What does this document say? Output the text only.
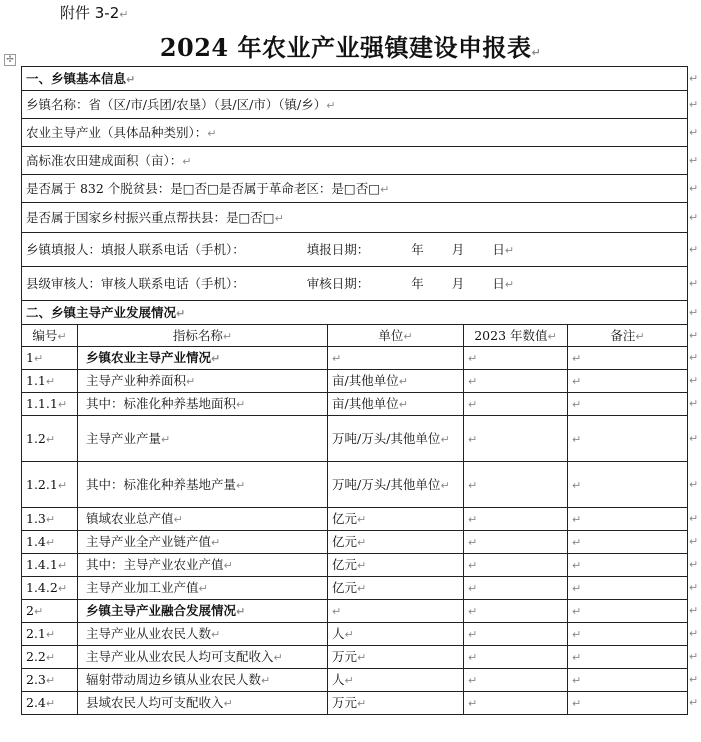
附件 3-2↵
2024 年农业产业强镇建设申报表↵
✢
一、乡镇基本信息↵				
乡镇名称：省（区/市/兵团/农垦）（县/区/市）（镇/乡）↵				
农业主导产业（具体品种类别）：↵				
高标准农田建成面积（亩）：↵				
是否属于 832 个脱贫县：是□否□是否属于革命老区：是□否□↵				
是否属于国家乡村振兴重点帮扶县：是□否□↵				
乡镇填报人：填报人联系电话（手机）： 填报日期： 年 月 日↵				
县级审核人：审核人联系电话（手机）： 审核日期： 年 月 日↵				
二、乡镇主导产业发展情况↵				
编号↵	指标名称↵	单位↵	2023 年数值↵	备注↵
1↵	乡镇农业主导产业情况↵	↵	↵	↵
1.1↵	主导产业种养面积↵	亩/其他单位↵	↵	↵
1.1.1↵	其中：标准化种养基地面积↵	亩/其他单位↵	↵	↵
1.2↵	主导产业产量↵	万吨/万头/其他单位↵	↵	↵
1.2.1↵	其中：标准化种养基地产量↵	万吨/万头/其他单位↵	↵	↵
1.3↵	镇域农业总产值↵	亿元↵	↵	↵
1.4↵	主导产业全产业链产值↵	亿元↵	↵	↵
1.4.1↵	其中：主导产业农业产值↵	亿元↵	↵	↵
1.4.2↵	主导产业加工业产值↵	亿元↵	↵	↵
2↵	乡镇主导产业融合发展情况↵	↵	↵	↵
2.1↵	主导产业从业农民人数↵	人↵	↵	↵
2.2↵	主导产业从业农民人均可支配收入↵	万元↵	↵	↵
2.3↵	辐射带动周边乡镇从业农民人数↵	人↵	↵	↵
2.4↵	县域农民人均可支配收入↵	万元↵	↵	↵
↵
↵
↵
↵
↵
↵
↵
↵
↵
↵
↵
↵
↵
↵
↵
↵
↵
↵
↵
↵
↵
↵
↵
↵
